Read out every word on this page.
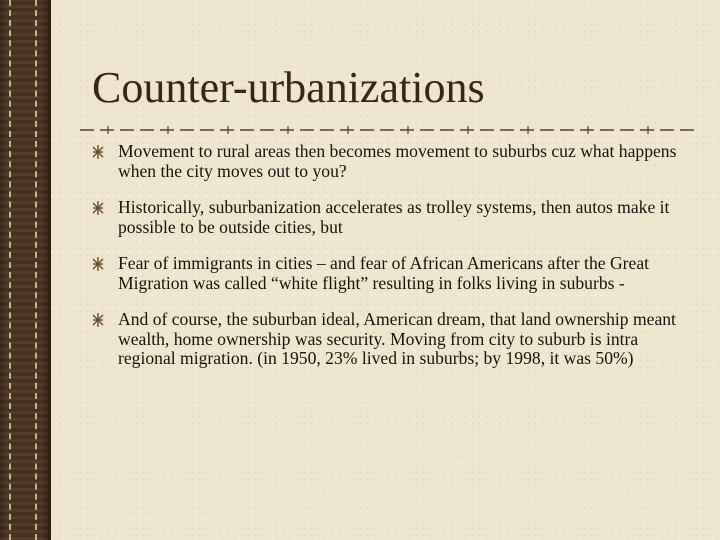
Counter-urbanizations
Movement to rural areas then becomes movement to suburbs cuz what happens when the city moves out to you?
Historically, suburbanization accelerates as trolley systems, then autos make it possible to be outside cities, but
Fear of immigrants in cities – and fear of African Americans after the Great Migration was called “white flight” resulting in folks living in suburbs -
And of course, the suburban ideal, American dream, that land ownership meant wealth, home ownership was security. Moving from city to suburb is intra regional migration. (in 1950, 23% lived in suburbs; by 1998, it was 50%)
